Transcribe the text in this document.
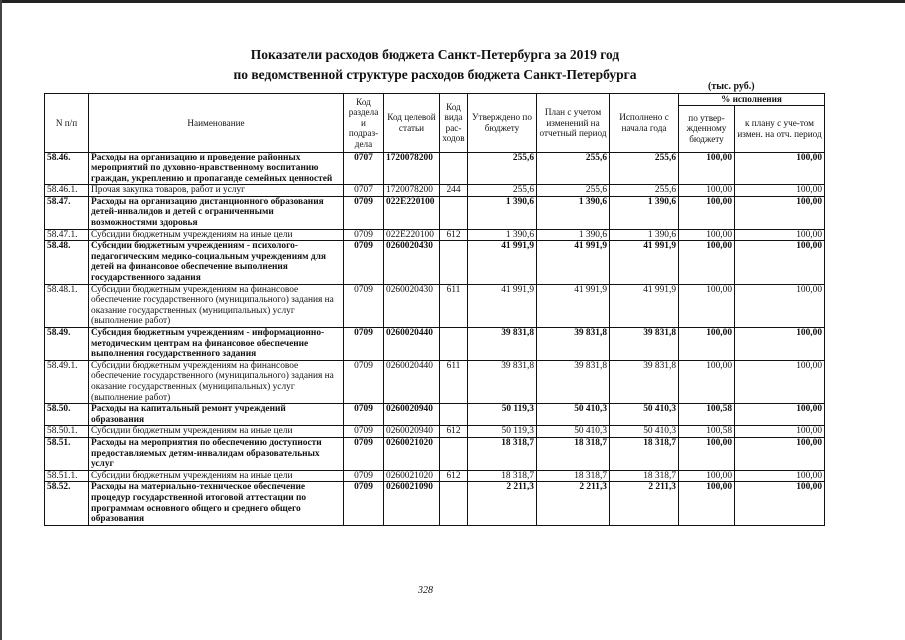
Показатели расходов бюджета Санкт-Петербурга за 2019 год
по ведомственной структуре расходов бюджета Санкт-Петербурга
(тыс. руб.)
N п/п	Наименование	Код раздела и подраз-дела	Код целевой статьи	Код вида рас-ходов	Утверждено по бюджету	План с учетом изменений на отчетный период	Исполнено с начала года	% исполнения	
								по утвер-жденному бюджету	к плану с уче-том измен. на отч. период
58.46.	Расходы на организацию и проведение районных мероприятий по духовно-нравственному воспитанию граждан, укреплению и пропаганде семейных ценностей	0707	1720078200		255,6	255,6	255,6	100,00	100,00
58.46.1.	Прочая закупка товаров, работ и услуг	0707	1720078200	244	255,6	255,6	255,6	100,00	100,00
58.47.	Расходы на организацию дистанционного образования детей-инвалидов и детей с ограниченными возможностями здоровья	0709	022Е220100		1 390,6	1 390,6	1 390,6	100,00	100,00
58.47.1.	Субсидии бюджетным учреждениям на иные цели	0709	022Е220100	612	1 390,6	1 390,6	1 390,6	100,00	100,00
58.48.	Субсидии бюджетным учреждениям - психолого-педагогическим медико-социальным учреждениям для детей на финансовое обеспечение выполнения государственного задания	0709	0260020430		41 991,9	41 991,9	41 991,9	100,00	100,00
58.48.1.	Субсидии бюджетным учреждениям на финансовое обеспечение государственного (муниципального) задания на оказание государственных (муниципальных) услуг (выполнение работ)	0709	0260020430	611	41 991,9	41 991,9	41 991,9	100,00	100,00
58.49.	Субсидия бюджетным учреждениям - информационно-методическим центрам на финансовое обеспечение выполнения государственного задания	0709	0260020440		39 831,8	39 831,8	39 831,8	100,00	100,00
58.49.1.	Субсидии бюджетным учреждениям на финансовое обеспечение государственного (муниципального) задания на оказание государственных (муниципальных) услуг (выполнение работ)	0709	0260020440	611	39 831,8	39 831,8	39 831,8	100,00	100,00
58.50.	Расходы на капитальный ремонт учреждений образования	0709	0260020940		50 119,3	50 410,3	50 410,3	100,58	100,00
58.50.1.	Субсидии бюджетным учреждениям на иные цели	0709	0260020940	612	50 119,3	50 410,3	50 410,3	100,58	100,00
58.51.	Расходы на мероприятия по обеспечению доступности предоставляемых детям-инвалидам образовательных услуг	0709	0260021020		18 318,7	18 318,7	18 318,7	100,00	100,00
58.51.1.	Субсидии бюджетным учреждениям на иные цели	0709	0260021020	612	18 318,7	18 318,7	18 318,7	100,00	100,00
58.52.	Расходы на материально-техническое обеспечение процедур государственной итоговой аттестации по программам основного общего и среднего общего образования	0709	0260021090		2 211,3	2 211,3	2 211,3	100,00	100,00
328
